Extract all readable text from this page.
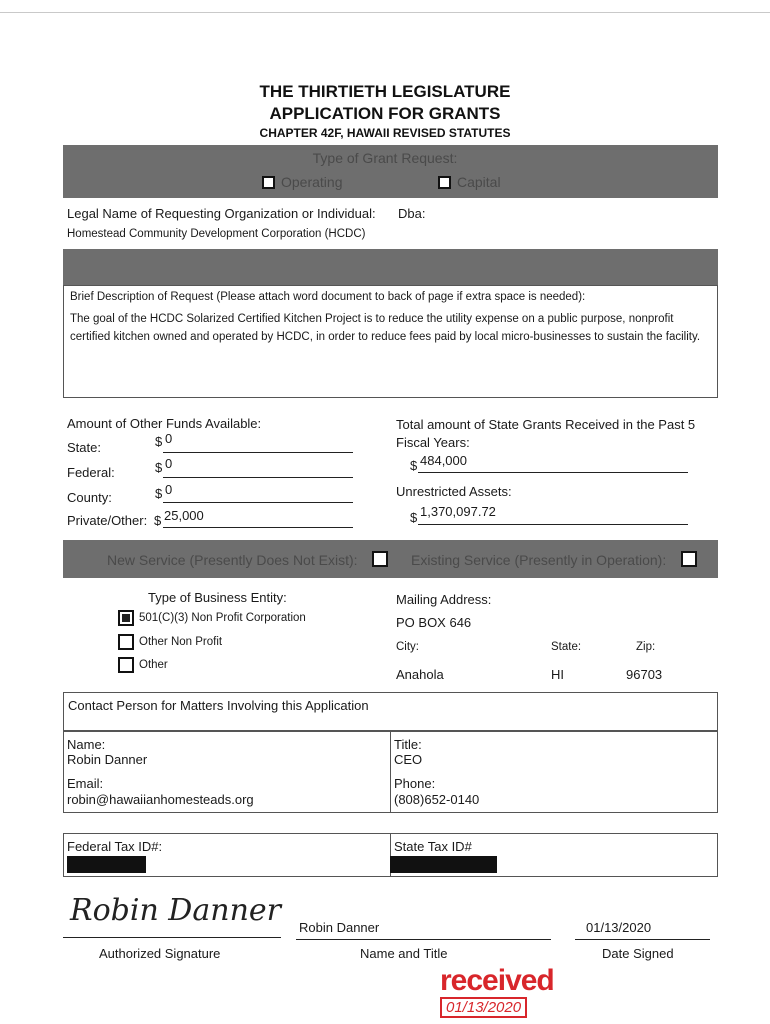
THE THIRTIETH LEGISLATURE
APPLICATION FOR GRANTS
CHAPTER 42F, HAWAII REVISED STATUTES
Type of Grant Request:
Operating	Capital
Legal Name of Requesting Organization or Individual: Dba:
Homestead Community Development Corporation (HCDC)
Brief Description of Request (Please attach word document to back of page if extra space is needed):
The goal of the HCDC Solarized Certified Kitchen Project is to reduce the utility expense on a public purpose, nonprofit certified kitchen owned and operated by HCDC, in order to reduce fees paid by local micro-businesses to sustain the facility.
Amount of Other Funds Available:
State:	$ 0
Federal:	$ 0
County:	$ 0
Private/Other: $ 25,000
Total amount of State Grants Received in the Past 5 Fiscal Years:
$ 484,000
Unrestricted Assets:
$ 1,370,097.72
New Service (Presently Does Not Exist):	Existing Service (Presently in Operation):
Type of Business Entity:
501(C)(3) Non Profit Corporation
Other Non Profit
Other
Mailing Address:
PO BOX 646
City:	State:	Zip:
Anahola	HI	96703
Contact Person for Matters Involving this Application
Name:
Robin Danner
Title:
CEO
Email:
robin@hawaiianhomesteads.org
Phone:
(808)652-0140
Federal Tax ID#:	State Tax ID#
Robin Danner
Authorized Signature
Robin Danner
Name and Title
01/13/2020
Date Signed
received
01/13/2020
